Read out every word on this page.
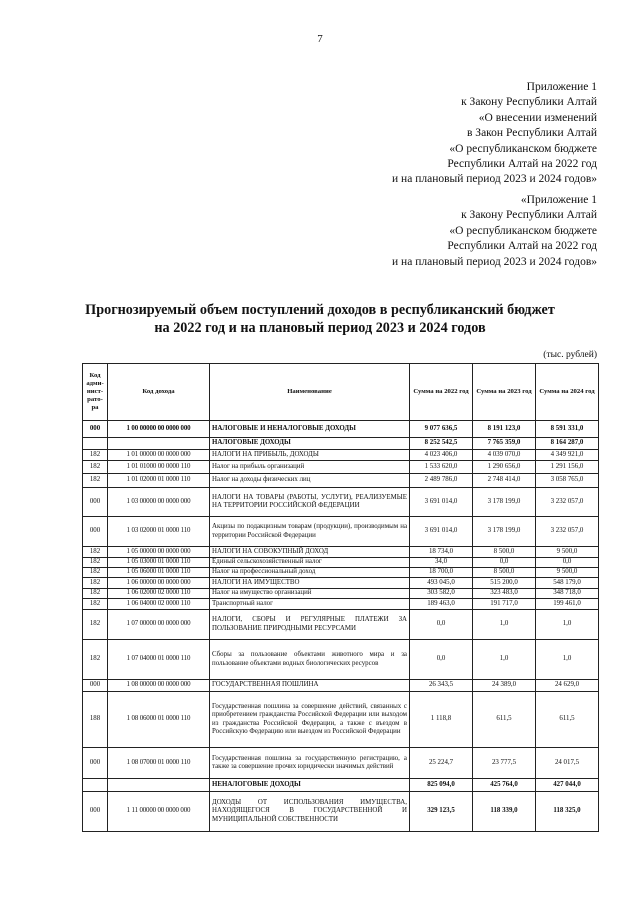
7
Приложение 1
к Закону Республики Алтай
«О внесении изменений
в Закон Республики Алтай
«О республиканском бюджете
Республики Алтай на 2022 год
и на плановый период 2023 и 2024 годов»
«Приложение 1
к Закону Республики Алтай
«О республиканском бюджете
Республики Алтай на 2022 год
и на плановый период 2023 и 2024 годов»
Прогнозируемый объем поступлений доходов в республиканский бюджет
на 2022 год и на плановый период 2023 и 2024 годов
(тыс. рублей)
Код адми-нист-рато-ра	Код дохода	Наименование	Сумма на 2022 год	Сумма на 2023 год	Сумма на 2024 год
000	1 00 00000 00 0000 000	НАЛОГОВЫЕ И НЕНАЛОГОВЫЕ ДОХОДЫ	9 077 636,5	8 191 123,0	8 591 331,0
		НАЛОГОВЫЕ ДОХОДЫ	8 252 542,5	7 765 359,0	8 164 287,0
182	1 01 00000 00 0000 000	НАЛОГИ НА ПРИБЫЛЬ, ДОХОДЫ	4 023 406,0	4 039 070,0	4 349 921,0
182	1 01 01000 00 0000 110	Налог на прибыль организаций	1 533 620,0	1 290 656,0	1 291 156,0
182	1 01 02000 01 0000 110	Налог на доходы физических лиц	2 489 786,0	2 748 414,0	3 058 765,0
000	1 03 00000 00 0000 000	НАЛОГИ НА ТОВАРЫ (РАБОТЫ, УСЛУГИ), РЕАЛИЗУЕМЫЕ НА ТЕРРИТОРИИ РОССИЙСКОЙ ФЕДЕРАЦИИ	3 691 014,0	3 178 199,0	3 232 057,0
000	1 03 02000 01 0000 110	Акцизы по подакцизным товарам (продукции), производимым на территории Российской Федерации	3 691 014,0	3 178 199,0	3 232 057,0
182	1 05 00000 00 0000 000	НАЛОГИ НА СОВОКУПНЫЙ ДОХОД	18 734,0	8 500,0	9 500,0
182	1 05 03000 01 0000 110	Единый сельскохозяйственный налог	34,0	0,0	0,0
182	1 05 06000 01 0000 110	Налог на профессиональный доход	18 700,0	8 500,0	9 500,0
182	1 06 00000 00 0000 000	НАЛОГИ НА ИМУЩЕСТВО	493 045,0	515 200,0	548 179,0
182	1 06 02000 02 0000 110	Налог на имущество организаций	303 582,0	323 483,0	348 718,0
182	1 06 04000 02 0000 110	Транспортный налог	189 463,0	191 717,0	199 461,0
182	1 07 00000 00 0000 000	НАЛОГИ, СБОРЫ И РЕГУЛЯРНЫЕ ПЛАТЕЖИ ЗА ПОЛЬЗОВАНИЕ ПРИРОДНЫМИ РЕСУРСАМИ	0,0	1,0	1,0
182	1 07 04000 01 0000 110	Сборы за пользование объектами животного мира и за пользование объектами водных биологических ресурсов	0,0	1,0	1,0
000	1 08 00000 00 0000 000	ГОСУДАРСТВЕННАЯ ПОШЛИНА	26 343,5	24 389,0	24 629,0
188	1 08 06000 01 0000 110	Государственная пошлина за совершение действий, связанных с приобретением гражданства Российской Федерации или выходом из гражданства Российской Федерации, а также с въездом в Российскую Федерацию или выездом из Российской Федерации	1 118,8	611,5	611,5
000	1 08 07000 01 0000 110	Государственная пошлина за государственную регистрацию, а также за совершение прочих юридически значимых действий	25 224,7	23 777,5	24 017,5
		НЕНАЛОГОВЫЕ ДОХОДЫ	825 094,0	425 764,0	427 044,0
000	1 11 00000 00 0000 000	ДОХОДЫ ОТ ИСПОЛЬЗОВАНИЯ ИМУЩЕСТВА, НАХОДЯЩЕГОСЯ В ГОСУДАРСТВЕННОЙ И МУНИЦИПАЛЬНОЙ СОБСТВЕННОСТИ	329 123,5	118 339,0	118 325,0
